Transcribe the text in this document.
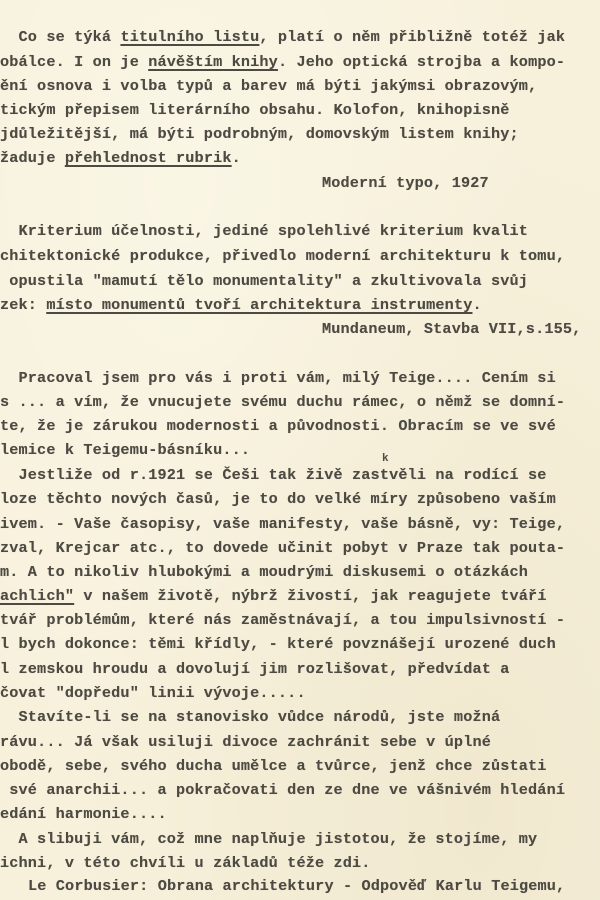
Co se týká titulního listu, platí o něm přibližně totéž jak
obálce. I on je návěštím knihy. Jeho optická strojba a kompo-
ění osnova i volba typů a barev má býti jakýmsi obrazovým,
tickým přepisem literárního obsahu. Kolofon, knihopisně
jdůležitější, má býti podrobným, domovským listem knihy;
žaduje přehlednost rubrik.
Moderní typo, 1927
Kriterium účelnosti, jediné spolehlivé kriterium kvalit
chitektonické produkce, přivedlo moderní architekturu k tomu,
opustila "mamutí tělo monumentality" a zkultivovala svůj
zek: místo monumentů tvoří architektura instrumenty.
Mundaneum, Stavba VII,s.155,
Pracoval jsem pro vás i proti vám, milý Teige.... Cením si
s ... a vím, že vnucujete svému duchu rámec, o němž se domní-
te, že je zárukou modernosti a původnosti. Obracím se ve své
lemice k Teigemu-básníku...
Jestliže od r.1921 se Češi tak živě zastvěli na rodící se
loze těchto nových časů, je to do velké míry způsobeno vaším
ivem. - Vaše časopisy, vaše manifesty, vaše básně, vy: Teige,
zval, Krejcar atc., to dovede učinit pobyt v Praze tak pouta-
m. A to nikoliv hlubokými a moudrými diskusemi o otázkách
achlich" v našem životě, nýbrž živostí, jak reagujete tváří
tvář problémům, které nás zaměstnávají, a tou impulsivností -
l bych dokonce: těmi křídly, - které povznášejí urozené duch
l zemskou hroudu a dovolují jim rozlišovat, předvídat a
čovat "dopředu" linii vývoje.....
Stavíte-li se na stanovisko vůdce národů, jste možná
rávu... Já však usiluji divoce zachránit sebe v úplné
obodě, sebe, svého ducha umělce a tvůrce, jenž chce zůstati
své anarchii... a pokračovati den ze dne ve vášnivém hledání
edání harmonie....
A slibuji vám, což mne naplňuje jistotou, že stojíme, my
ichni, v této chvíli u základů téže zdi.
Le Corbusier: Obrana architektury - Odpověď Karlu Teigemu,
k
